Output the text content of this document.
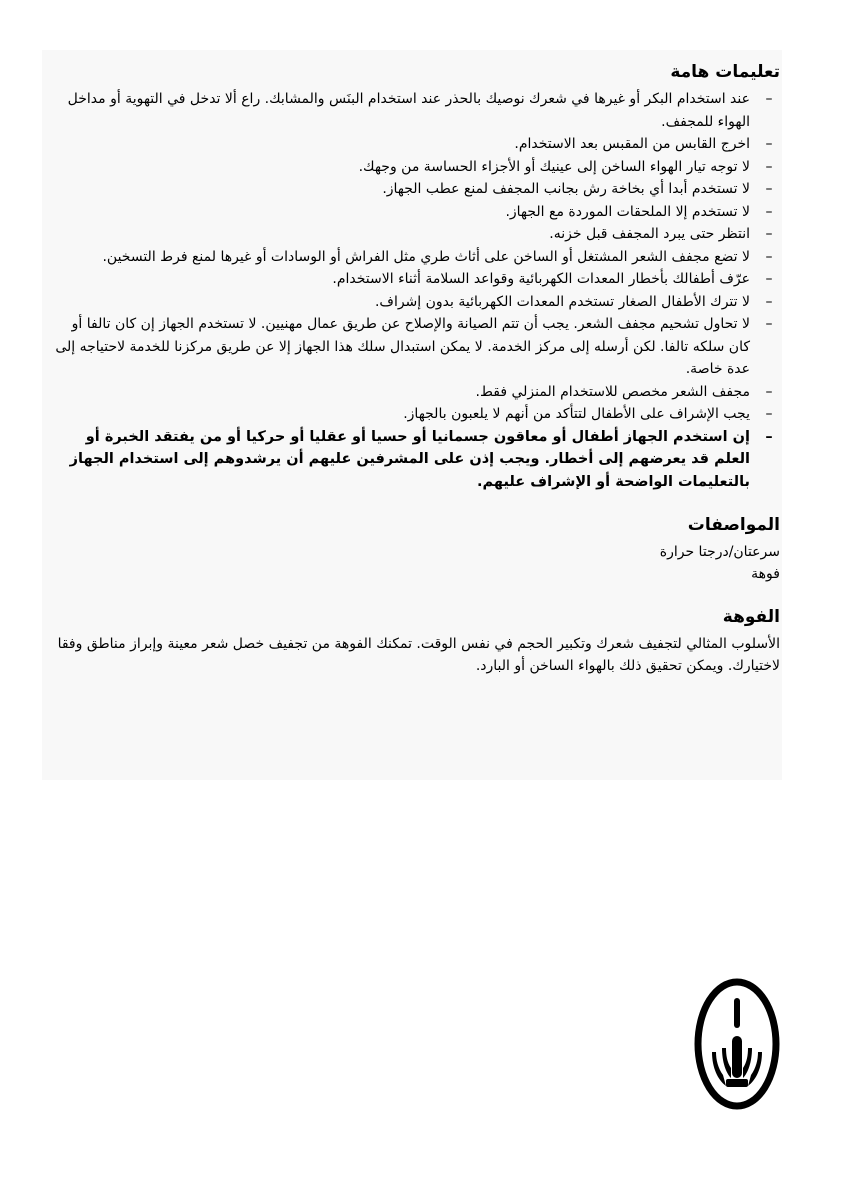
تعليمات هامة
–
عند استخدام البكر أو غيرها في شعرك نوصيك بالحذر عند استخدام البنَس والمشابك. راع ألا تدخل في التهوية أو مداخل الهواء للمجفف.
–
اخرج القابس من المقبس بعد الاستخدام.
–
لا توجه تيار الهواء الساخن إلى عينيك أو الأجزاء الحساسة من وجهك.
–
لا تستخدم أبدا أي بخاخة رش بجانب المجفف لمنع عطب الجهاز.
–
لا تستخدم إلا الملحقات الموردة مع الجهاز.
–
انتظر حتى يبرد المجفف قبل خزنه.
–
لا تضع مجفف الشعر المشتغل أو الساخن على أثاث طري مثل الفراش أو الوسادات أو غيرها لمنع فرط التسخين.
–
عرّف أطفالك بأخطار المعدات الكهربائية وقواعد السلامة أثناء الاستخدام.
–
لا تترك الأطفال الصغار تستخدم المعدات الكهربائية بدون إشراف.
–
لا تحاول تشحيم مجفف الشعر. يجب أن تتم الصيانة والإصلاح عن طريق عمال مهنيين. لا تستخدم الجهاز إن كان تالفا أو كان سلكه تالفا. لكن أرسله إلى مركز الخدمة. لا يمكن استبدال سلك هذا الجهاز إلا عن طريق مركزنا للخدمة لاحتياجه إلى عدة خاصة.
–
مجفف الشعر مخصص للاستخدام المنزلي فقط.
–
يجب الإشراف على الأطفال لتتأكد من أنهم لا يلعبون بالجهاز.
–
إن استخدم الجهاز أطفال أو معاقون جسمانيا أو حسيا أو عقليا أو حركيا أو من يفتقد الخبرة أو العلم قد يعرضهم إلى أخطار. ويجب إذن على المشرفين عليهم أن يرشدوهم إلى استخدام الجهاز بالتعليمات الواضحة أو الإشراف عليهم.
المواصفات

سرعتان/درجتا حرارة

فوهة

الفوهة

الأسلوب المثالي لتجفيف شعرك وتكبير الحجم في نفس الوقت. تمكنك الفوهة من تجفيف خصل شعر معينة وإبراز مناطق وفقا لاختيارك. ويمكن تحقيق ذلك بالهواء الساخن أو البارد.
